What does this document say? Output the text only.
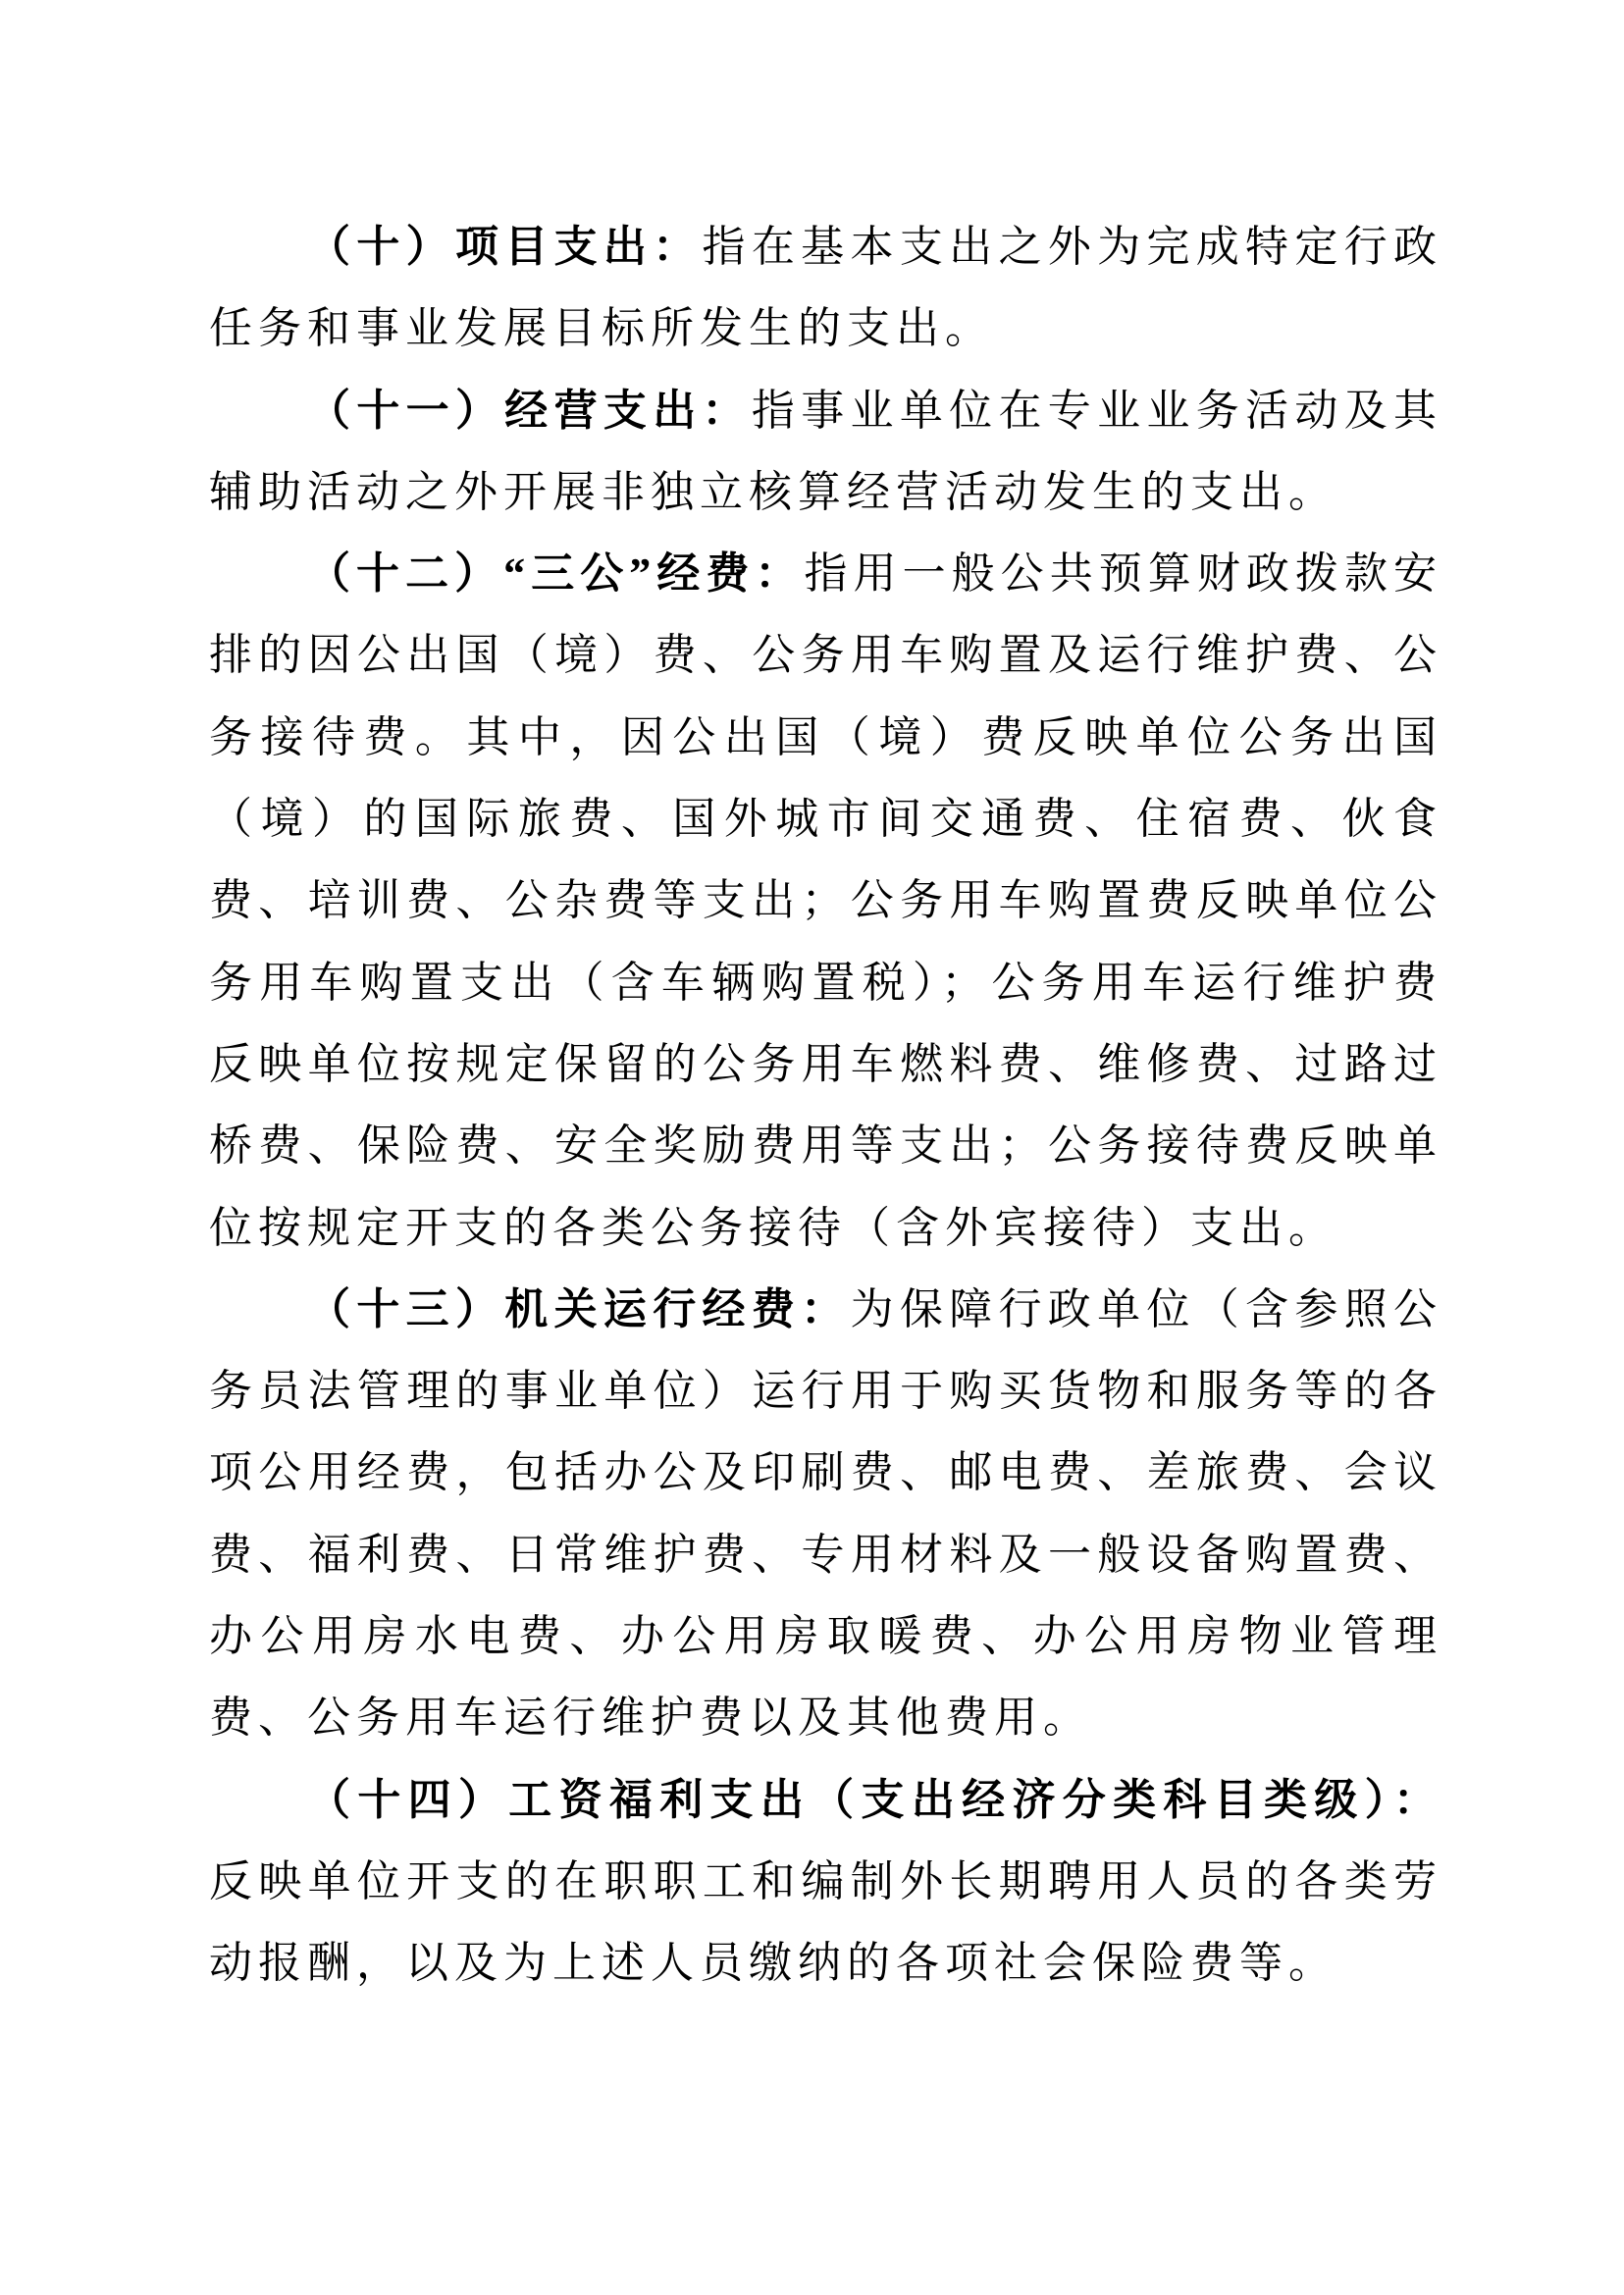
（十）项目支出：指在基本支出之外为完成特定行政任务和事业发展目标所发生的支出。

（十一）经营支出：指事业单位在专业业务活动及其辅助活动之外开展非独立核算经营活动发生的支出。

（十二）“三公”经费：指用一般公共预算财政拨款安排的因公出国（境）费、公务用车购置及运行维护费、公务接待费。其中，因公出国（境）费反映单位公务出国（境）的国际旅费、国外城市间交通费、住宿费、伙食费、培训费、公杂费等支出；公务用车购置费反映单位公务用车购置支出（含车辆购置税）；公务用车运行维护费反映单位按规定保留的公务用车燃料费、维修费、过路过桥费、保险费、安全奖励费用等支出；公务接待费反映单位按规定开支的各类公务接待（含外宾接待）支出。

（十三）机关运行经费：为保障行政单位（含参照公务员法管理的事业单位）运行用于购买货物和服务等的各项公用经费，包括办公及印刷费、邮电费、差旅费、会议费、福利费、日常维护费、专用材料及一般设备购置费、办公用房水电费、办公用房取暖费、办公用房物业管理费、公务用车运行维护费以及其他费用。

（十四）工资福利支出（支出经济分类科目类级）：反映单位开支的在职职工和编制外长期聘用人员的各类劳动报酬，以及为上述人员缴纳的各项社会保险费等。
